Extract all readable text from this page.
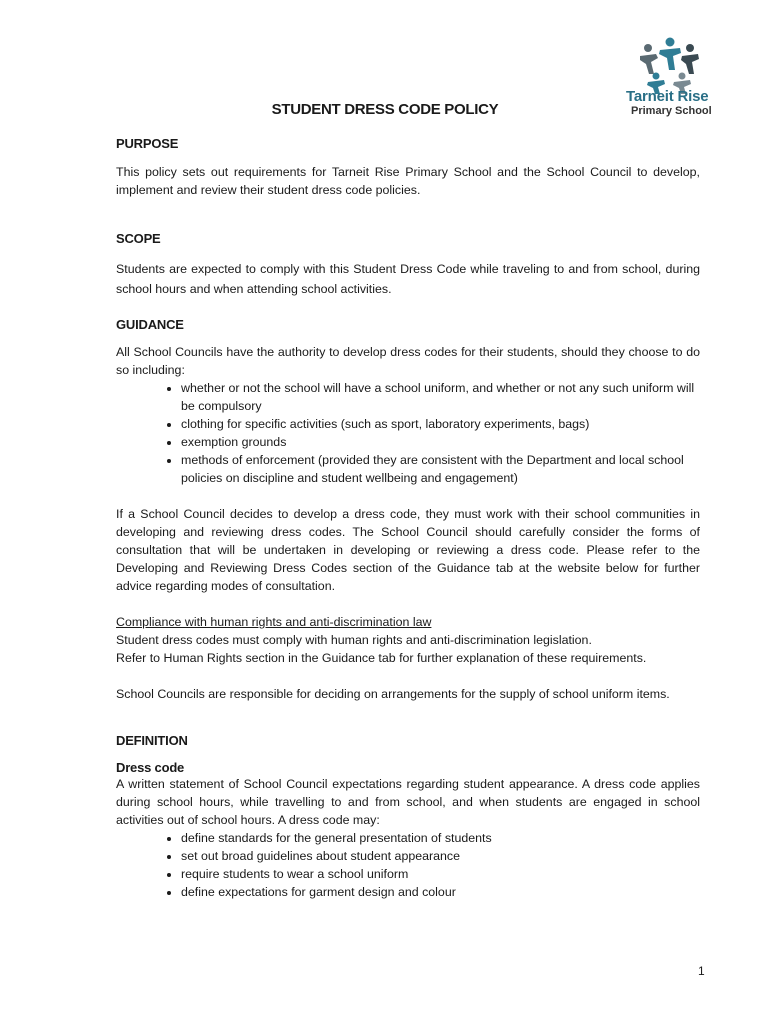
Tarneit Rise
Primary School
STUDENT DRESS CODE POLICY
PURPOSE

This policy sets out requirements for Tarneit Rise Primary School and the School Council to develop, implement and review their student dress code policies.

SCOPE

Students are expected to comply with this Student Dress Code while traveling to and from school, during school hours and when attending school activities.

GUIDANCE

All School Councils have the authority to develop dress codes for their students, should they choose to do so including:

• whether or not the school will have a school uniform, and whether or not any such uniform will be compulsory
• clothing for specific activities (such as sport, laboratory experiments, bags)
• exemption grounds
• methods of enforcement (provided they are consistent with the Department and local school policies on discipline and student wellbeing and engagement)

If a School Council decides to develop a dress code, they must work with their school communities in developing and reviewing dress codes. The School Council should carefully consider the forms of consultation that will be undertaken in developing or reviewing a dress code. Please refer to the Developing and Reviewing Dress Codes section of the Guidance tab at the website below for further advice regarding modes of consultation.

Compliance with human rights and anti-discrimination law

Student dress codes must comply with human rights and anti-discrimination legislation.

Refer to Human Rights section in the Guidance tab for further explanation of these requirements.

School Councils are responsible for deciding on arrangements for the supply of school uniform items.

DEFINITION
Dress code

A written statement of School Council expectations regarding student appearance. A dress code applies during school hours, while travelling to and from school, and when students are engaged in school activities out of school hours. A dress code may:

• define standards for the general presentation of students
• set out broad guidelines about student appearance
• require students to wear a school uniform
• define expectations for garment design and colour
1
